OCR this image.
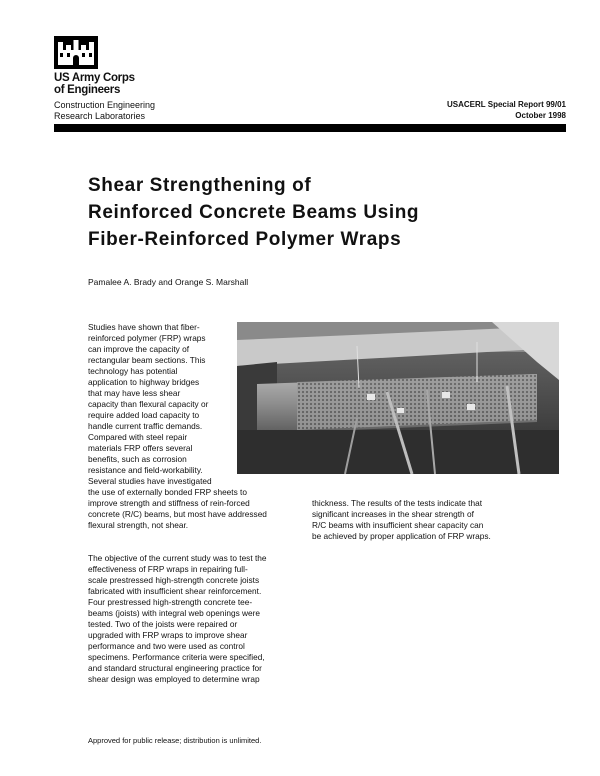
US Army Corps
of Engineers
Construction Engineering
Research Laboratories
USACERL Special Report 99/01
October 1998
Shear Strengthening of
Reinforced Concrete Beams Using
Fiber-Reinforced Polymer Wraps
Pamalee A. Brady and Orange S. Marshall
Studies have shown that fiber-
reinforced polymer (FRP) wraps
can improve the capacity of
rectangular beam sections. This
technology has potential
application to highway bridges
that may have less shear
capacity than flexural capacity or
require added load capacity to
handle current traffic demands.
Compared with steel repair
materials FRP offers several
benefits, such as corrosion
resistance and field-workability.
Several studies have investigated
the use of externally bonded FRP sheets to
improve strength and stiffness of rein-forced
concrete (R/C) beams, but most have addressed
flexural strength, not shear.
The objective of the current study was to test the
effectiveness of FRP wraps in repairing full-
scale prestressed high-strength concrete joists
fabricated with insufficient shear reinforcement.
Four prestressed high-strength concrete tee-
beams (joists) with integral web openings were
tested. Two of the joists were repaired or
upgraded with FRP wraps to improve shear
performance and two were used as control
specimens. Performance criteria were specified,
and standard structural engineering practice for
shear design was employed to determine wrap
thickness. The results of the tests indicate that
significant increases in the shear strength of
R/C beams with insufficient shear capacity can
be achieved by proper application of FRP wraps.
Approved for public release; distribution is unlimited.
